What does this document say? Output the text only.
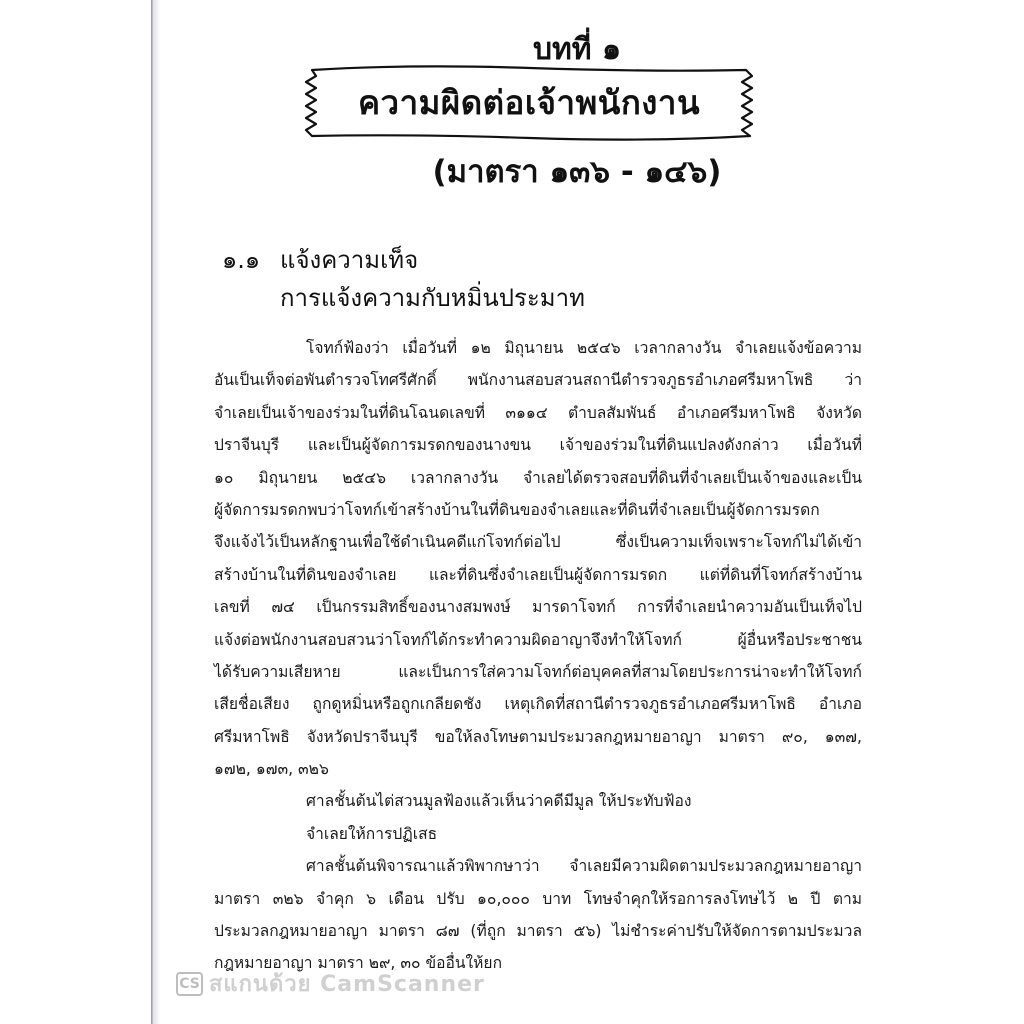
บทที่ ๑
ความผิดต่อเจ้าพนักงาน
(มาตรา ๑๓๖ - ๑๔๖)
๑.๑ แจ้งความเท็จ
การแจ้งความกับหมิ่นประมาท
โจทก์ฟ้องว่า เมื่อวันที่ ๑๒ มิถุนายน ๒๕๔๖ เวลากลางวัน จำเลยแจ้งข้อความ
อันเป็นเท็จต่อพันตำรวจโทศรีศักดิ์ พนักงานสอบสวนสถานีตำรวจภูธรอำเภอศรีมหาโพธิ ว่า
จำเลยเป็นเจ้าของร่วมในที่ดินโฉนดเลขที่ ๓๑๑๔ ตำบลสัมพันธ์ อำเภอศรีมหาโพธิ จังหวัด
ปราจีนบุรี และเป็นผู้จัดการมรดกของนางขน เจ้าของร่วมในที่ดินแปลงดังกล่าว เมื่อวันที่
๑๐ มิถุนายน ๒๕๔๖ เวลากลางวัน จำเลยได้ตรวจสอบที่ดินที่จำเลยเป็นเจ้าของและเป็น
ผู้จัดการมรดกพบว่าโจทก์เข้าสร้างบ้านในที่ดินของจำเลยและที่ดินที่จำเลยเป็นผู้จัดการมรดก
จึงแจ้งไว้เป็นหลักฐานเพื่อใช้ดำเนินคดีแก่โจทก์ต่อไป ซึ่งเป็นความเท็จเพราะโจทก์ไม่ได้เข้า
สร้างบ้านในที่ดินของจำเลย และที่ดินซึ่งจำเลยเป็นผู้จัดการมรดก แต่ที่ดินที่โจทก์สร้างบ้าน
เลขที่ ๗๔ เป็นกรรมสิทธิ์ของนางสมพงษ์ มารดาโจทก์ การที่จำเลยนำความอันเป็นเท็จไป
แจ้งต่อพนักงานสอบสวนว่าโจทก์ได้กระทำความผิดอาญาจึงทำให้โจทก์ ผู้อื่นหรือประชาชน
ได้รับความเสียหาย และเป็นการใส่ความโจทก์ต่อบุคคลที่สามโดยประการน่าจะทำให้โจทก์
เสียชื่อเสียง ถูกดูหมิ่นหรือถูกเกลียดชัง เหตุเกิดที่สถานีตำรวจภูธรอำเภอศรีมหาโพธิ อำเภอ
ศรีมหาโพธิ จังหวัดปราจีนบุรี ขอให้ลงโทษตามประมวลกฎหมายอาญา มาตรา ๙๐, ๑๓๗,
๑๗๒, ๑๗๓, ๓๒๖
ศาลชั้นต้นไต่สวนมูลฟ้องแล้วเห็นว่าคดีมีมูล ให้ประทับฟ้อง
จำเลยให้การปฏิเสธ
ศาลชั้นต้นพิจารณาแล้วพิพากษาว่า จำเลยมีความผิดตามประมวลกฎหมายอาญา
มาตรา ๓๒๖ จำคุก ๖ เดือน ปรับ ๑๐,๐๐๐ บาท โทษจำคุกให้รอการลงโทษไว้ ๒ ปี ตาม
ประมวลกฎหมายอาญา มาตรา ๘๗ (ที่ถูก มาตรา ๕๖) ไม่ชำระค่าปรับให้จัดการตามประมวล
กฎหมายอาญา มาตรา ๒๙, ๓๐ ข้ออื่นให้ยก
CS สแกนด้วย CamScanner
